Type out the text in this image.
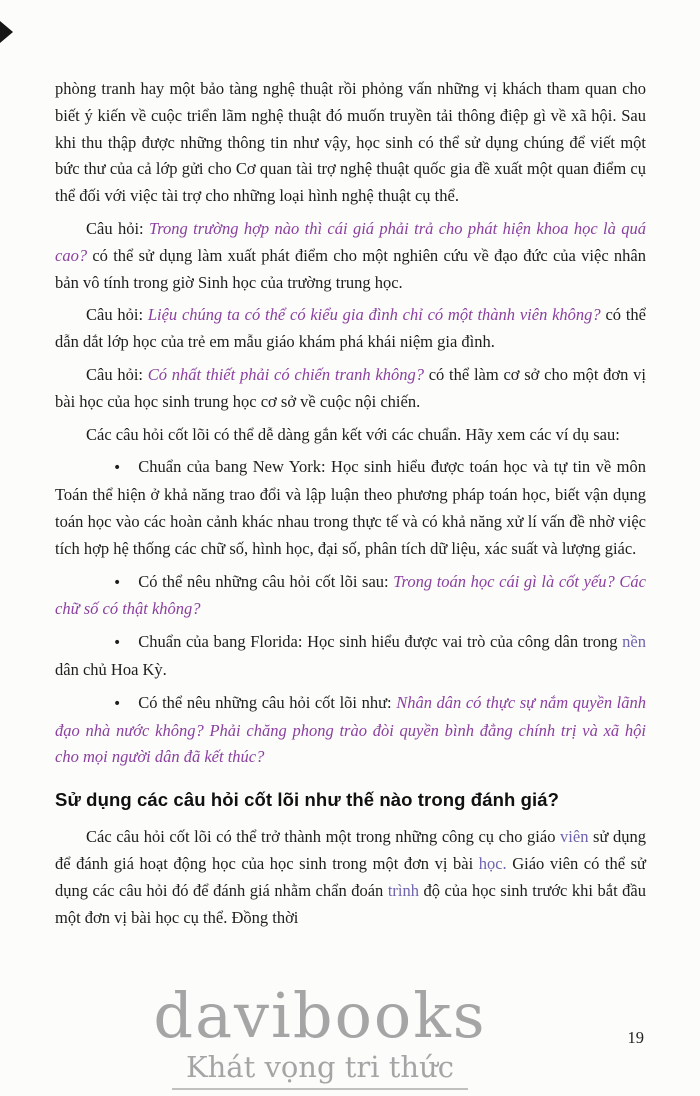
phòng tranh hay một bảo tàng nghệ thuật rồi phỏng vấn những vị khách tham quan cho biết ý kiến về cuộc triển lãm nghệ thuật đó muốn truyền tải thông điệp gì về xã hội. Sau khi thu thập được những thông tin như vậy, học sinh có thể sử dụng chúng để viết một bức thư của cả lớp gửi cho Cơ quan tài trợ nghệ thuật quốc gia đề xuất một quan điểm cụ thể đối với việc tài trợ cho những loại hình nghệ thuật cụ thể.

Câu hỏi: Trong trường hợp nào thì cái giá phải trả cho phát hiện khoa học là quá cao? có thể sử dụng làm xuất phát điểm cho một nghiên cứu về đạo đức của việc nhân bản vô tính trong giờ Sinh học của trường trung học.

Câu hỏi: Liệu chúng ta có thể có kiểu gia đình chỉ có một thành viên không? có thể dẫn dắt lớp học của trẻ em mẫu giáo khám phá khái niệm gia đình.

Câu hỏi: Có nhất thiết phải có chiến tranh không? có thể làm cơ sở cho một đơn vị bài học của học sinh trung học cơ sở về cuộc nội chiến.

Các câu hỏi cốt lõi có thể dễ dàng gắn kết với các chuẩn. Hãy xem các ví dụ sau:

• Chuẩn của bang New York: Học sinh hiểu được toán học và tự tin về môn Toán thể hiện ở khả năng trao đổi và lập luận theo phương pháp toán học, biết vận dụng toán học vào các hoàn cảnh khác nhau trong thực tế và có khả năng xử lí vấn đề nhờ việc tích hợp hệ thống các chữ số, hình học, đại số, phân tích dữ liệu, xác suất và lượng giác.

• Có thể nêu những câu hỏi cốt lõi sau: Trong toán học cái gì là cốt yếu? Các chữ số có thật không?

• Chuẩn của bang Florida: Học sinh hiểu được vai trò của công dân trong nền dân chủ Hoa Kỳ.

• Có thể nêu những câu hỏi cốt lõi như: Nhân dân có thực sự nắm quyền lãnh đạo nhà nước không? Phải chăng phong trào đòi quyền bình đẳng chính trị và xã hội cho mọi người dân đã kết thúc?

Sử dụng các câu hỏi cốt lõi như thế nào trong đánh giá?

Các câu hỏi cốt lõi có thể trở thành một trong những công cụ cho giáo viên sử dụng để đánh giá hoạt động học của học sinh trong một đơn vị bài học. Giáo viên có thể sử dụng các câu hỏi đó để đánh giá nhằm chẩn đoán trình độ của học sinh trước khi bắt đầu một đơn vị bài học cụ thể. Đồng thời

davibooks
Khát vọng tri thức
19
